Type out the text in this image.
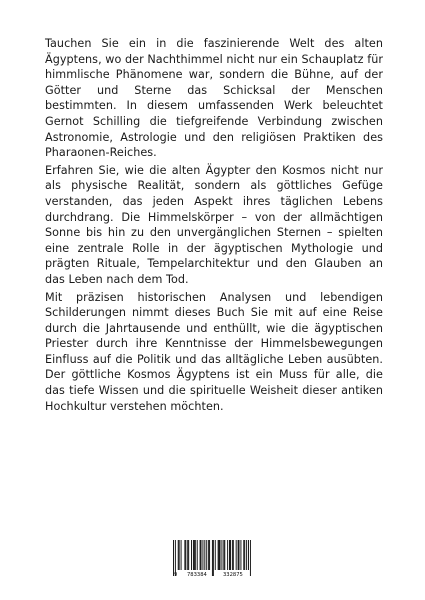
Tauchen Sie ein in die faszinierende Welt des alten Ägyptens, wo der Nachthimmel nicht nur ein Schauplatz für himmlische Phänomene war, sondern die Bühne, auf der Götter und Sterne das Schicksal der Menschen bestimmten. In diesem umfassenden Werk beleuchtet Gernot Schilling die tiefgreifende Verbindung zwischen Astronomie, Astrologie und den religiösen Praktiken des Pharaonen-Reiches.

Erfahren Sie, wie die alten Ägypter den Kosmos nicht nur als physische Realität, sondern als göttliches Gefüge verstanden, das jeden Aspekt ihres täglichen Lebens durchdrang. Die Himmelskörper – von der allmächtigen Sonne bis hin zu den unvergänglichen Sternen – spielten eine zentrale Rolle in der ägyptischen Mythologie und prägten Rituale, Tempelarchitektur und den Glauben an das Leben nach dem Tod.

Mit präzisen historischen Analysen und lebendigen Schilderungen nimmt dieses Buch Sie mit auf eine Reise durch die Jahrtausende und enthüllt, wie die ägyptischen Priester durch ihre Kenntnisse der Himmelsbewegungen Einfluss auf die Politik und das alltägliche Leben ausübten. Der göttliche Kosmos Ägyptens ist ein Muss für alle, die das tiefe Wissen und die spirituelle Weisheit dieser antiken Hochkultur verstehen möchten.

9 783384	332875
